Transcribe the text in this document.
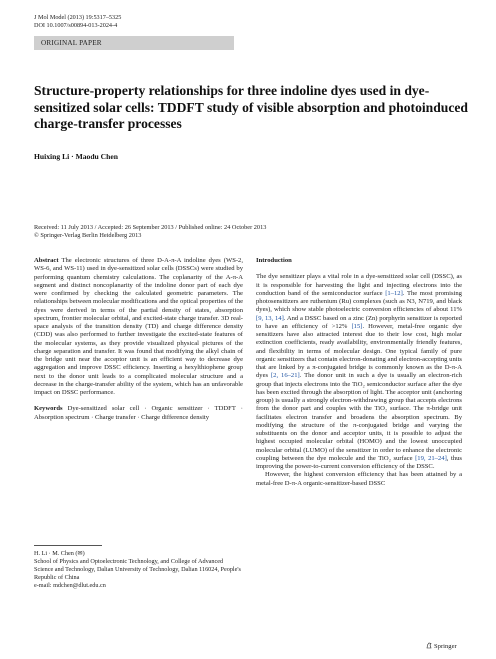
J Mol Model (2013) 19:5317–5325
DOI 10.1007/s00894-013-2024-4
ORIGINAL PAPER
Structure-property relationships for three indoline dyes used in dye-sensitized solar cells: TDDFT study of visible absorption and photoinduced charge-transfer processes
Huixing Li · Maodu Chen
Received: 11 July 2013 / Accepted: 26 September 2013 / Published online: 24 October 2013
© Springer-Verlag Berlin Heidelberg 2013

Abstract The electronic structures of three D-A-π-A indoline dyes (WS-2, WS-6, and WS-11) used in dye-sensitized solar cells (DSSCs) were studied by performing quantum chemistry calculations. The coplanarity of the A-π-A segment and distinct noncoplanarity of the indoline donor part of each dye were confirmed by checking the calculated geometric parameters. The relationships between molecular modifications and the optical properties of the dyes were derived in terms of the partial density of states, absorption spectrum, frontier molecular orbital, and excited-state charge transfer. 3D real-space analysis of the transition density (TD) and charge difference density (CDD) was also performed to further investigate the excited-state features of the molecular systems, as they provide visualized physical pictures of the charge separation and transfer. It was found that modifying the alkyl chain of the bridge unit near the acceptor unit is an efficient way to decrease dye aggregation and improve DSSC efficiency. Inserting a hexylthiophene group next to the donor unit leads to a complicated molecular structure and a decrease in the charge-transfer ability of the system, which has an unfavorable impact on DSSC performance.

Keywords Dye-sensitized solar cell · Organic sensitizer · TDDFT · Absorption spectrum · Charge transfer · Charge difference density

H. Li · M. Chen (✉)
School of Physics and Optoelectronic Technology, and College of Advanced Science and Technology, Dalian University of Technology, Dalian 116024, People's Republic of China
e-mail: mdchen@dlut.edu.cn

Introduction

The dye sensitizer plays a vital role in a dye-sensitized solar cell (DSSC), as it is responsible for harvesting the light and injecting electrons into the conduction band of the semiconductor surface [1–12]. The most promising photosensitizers are ruthenium (Ru) complexes (such as N3, N719, and black dyes), which show stable photoelectric conversion efficiencies of about 11% [9, 13, 14]. And a DSSC based on a zinc (Zn) porphyrin sensitizer is reported to have an efficiency of >12% [15]. However, metal-free organic dye sensitizers have also attracted interest due to their low cost, high molar extinction coefficients, ready availability, environmentally friendly features, and flexibility in terms of molecular design. One typical family of pure organic sensitizers that contain electron-donating and electron-accepting units that are linked by a π-conjugated bridge is commonly known as the D-π-A dyes [2, 16–21]. The donor unit in such a dye is usually an electron-rich group that injects electrons into the TiO₂ semiconductor surface after the dye has been excited through the absorption of light. The acceptor unit (anchoring group) is usually a strongly electron-withdrawing group that accepts electrons from the donor part and couples with the TiO₂ surface. The π-bridge unit facilitates electron transfer and broadens the absorption spectrum. By modifying the structure of the π-conjugated bridge and varying the substituents on the donor and acceptor units, it is possible to adjust the highest occupied molecular orbital (HOMO) and the lowest unoccupied molecular orbital (LUMO) of the sensitizer in order to enhance the electronic coupling between the dye molecule and the TiO₂ surface [19, 21–24], thus improving the power-to-current conversion efficiency of the DSSC.

However, the highest conversion efficiency that has been attained by a metal-free D-π-A organic-sensitizer-based DSSC

Springer
